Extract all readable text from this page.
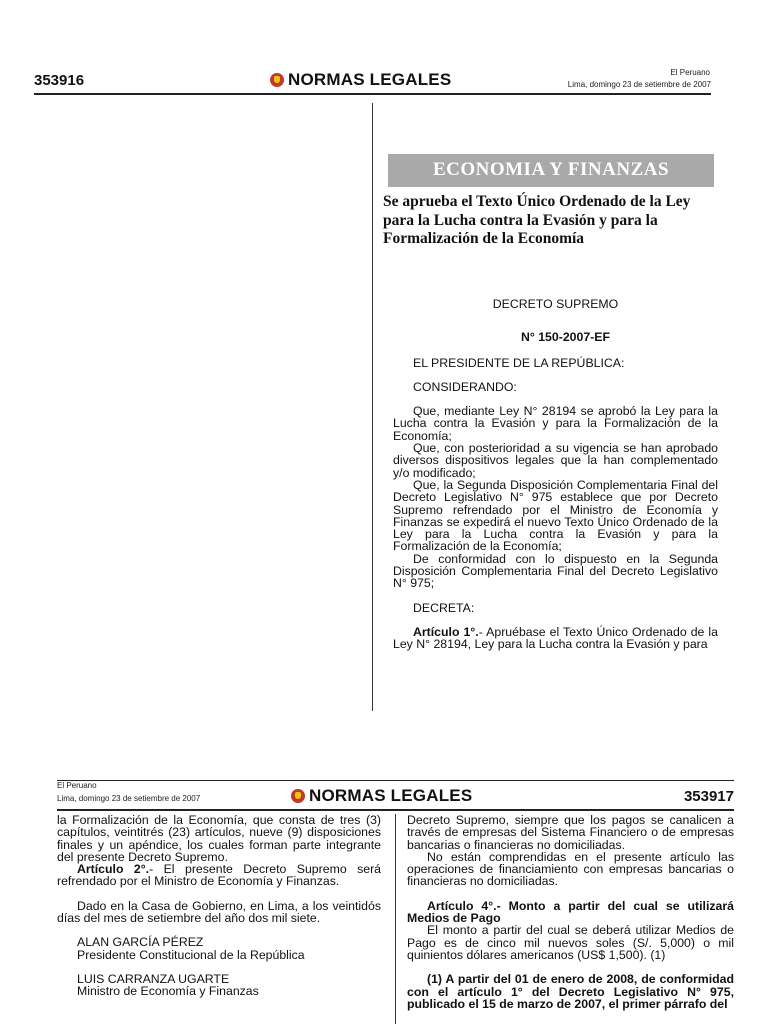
353916	NORMAS LEGALES	El Peruano
Lima, domingo 23 de setiembre de 2007
ECONOMIA Y FINANZAS
Se aprueba el Texto Único Ordenado de la Ley para la Lucha contra la Evasión y para la Formalización de la Economía

DECRETO SUPREMO

N° 150-2007-EF

EL PRESIDENTE DE LA REPÚBLICA:

CONSIDERANDO:

Que, mediante Ley N° 28194 se aprobó la Ley para la Lucha contra la Evasión y para la Formalización de la Economía;

Que, con posterioridad a su vigencia se han aprobado diversos dispositivos legales que la han complementado y/o modificado;

Que, la Segunda Disposición Complementaria Final del Decreto Legislativo N° 975 establece que por Decreto Supremo refrendado por el Ministro de Economía y Finanzas se expedirá el nuevo Texto Único Ordenado de la Ley para la Lucha contra la Evasión y para la Formalización de la Economía;

De conformidad con lo dispuesto en la Segunda Disposición Complementaria Final del Decreto Legislativo N° 975;

DECRETA:

Artículo 1°.- Apruébase el Texto Único Ordenado de la Ley N° 28194, Ley para la Lucha contra la Evasión y para

El Peruano
Lima, domingo 23 de setiembre de 2007	NORMAS LEGALES	353917

la Formalización de la Economía, que consta de tres (3) capítulos, veintitrés (23) artículos, nueve (9) disposiciones finales y un apéndice, los cuales forman parte integrante del presente Decreto Supremo.

Artículo 2°.- El presente Decreto Supremo será refrendado por el Ministro de Economía y Finanzas.

Dado en la Casa de Gobierno, en Lima, a los veintidós días del mes de setiembre del año dos mil siete.

ALAN GARCÍA PÉREZ

Presidente Constitucional de la República

LUIS CARRANZA UGARTE

Ministro de Economía y Finanzas

Decreto Supremo, siempre que los pagos se canalicen a través de empresas del Sistema Financiero o de empresas bancarias o financieras no domiciliadas.

No están comprendidas en el presente artículo las operaciones de financiamiento con empresas bancarias o financieras no domiciliadas.

Artículo 4°.- Monto a partir del cual se utilizará Medios de Pago

El monto a partir del cual se deberá utilizar Medios de Pago es de cinco mil nuevos soles (S/. 5,000) o mil quinientos dólares americanos (US$ 1,500). (1)

(1) A partir del 01 de enero de 2008, de conformidad con el artículo 1° del Decreto Legislativo N° 975, publicado el 15 de marzo de 2007, el primer párrafo del
